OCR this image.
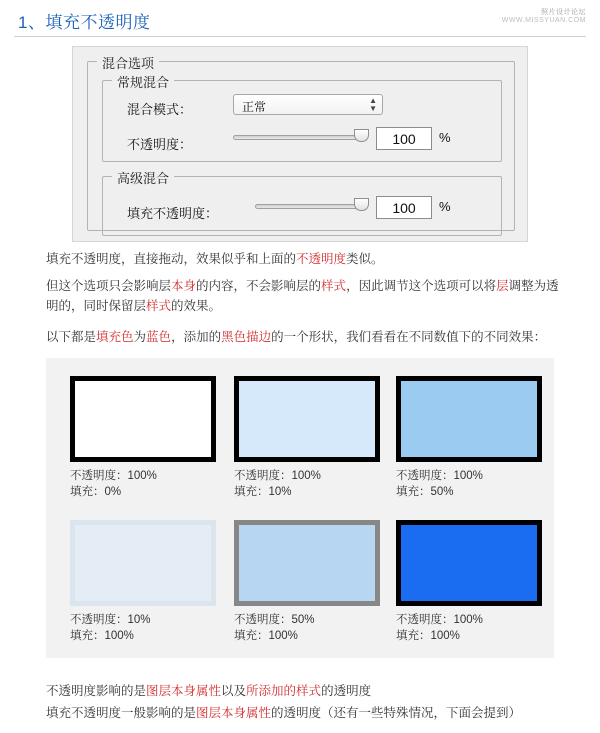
1、填充不透明度
照片设计论坛
WWW.MISSYUAN.COM
混合选项
常规混合
混合模式：	正常	▲
▼
不透明度：	100	%
高级混合
填充不透明度：	100	%
填充不透明度，直接拖动，效果似乎和上面的不透明度类似。
但这个选项只会影响层本身的内容，不会影响层的样式，因此调节这个选项可以将层调整为透
明的，同时保留层样式的效果。
以下都是填充色为蓝色，添加的黑色描边的一个形状，我们看看在不同数值下的不同效果：
不透明度：100%
填充：0%
不透明度：100%
填充：10%
不透明度：100%
填充：50%
不透明度：10%
填充：100%
不透明度：50%
填充：100%
不透明度：100%
填充：100%
不透明度影响的是图层本身属性以及所添加的样式的透明度
填充不透明度一般影响的是图层本身属性的透明度（还有一些特殊情况，下面会提到）
